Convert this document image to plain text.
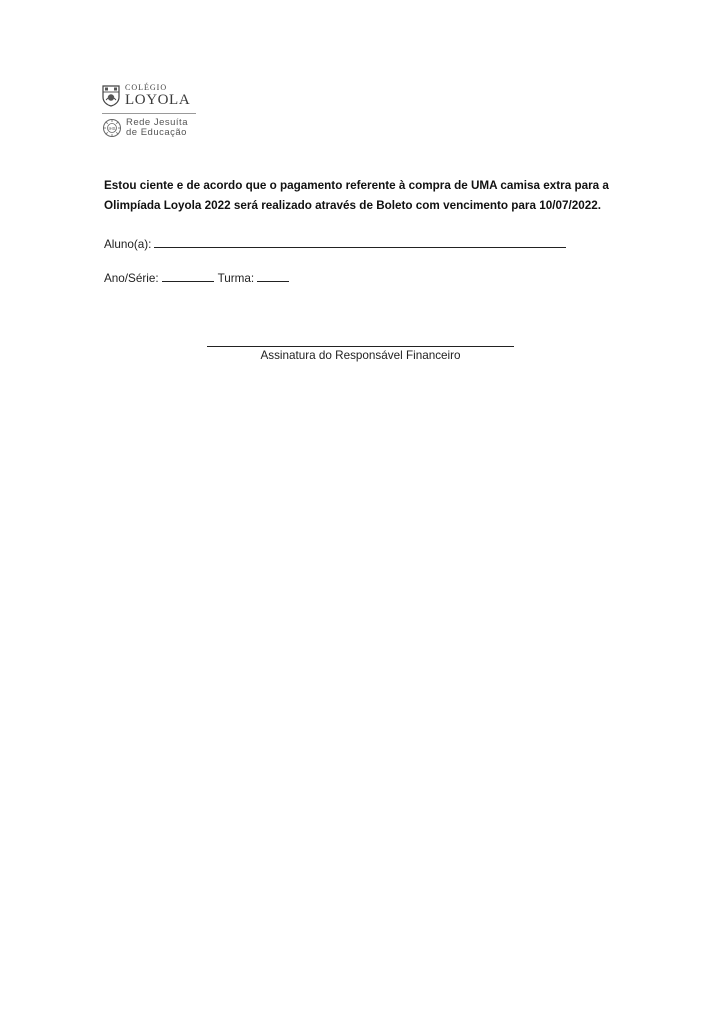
COLÉGIO
LOYOLA
IHS
Rede Jesuíta
de Educação
Estou ciente e de acordo que o pagamento referente à compra de UMA camisa extra para a Olimpíada Loyola 2022 será realizado através de Boleto com vencimento para 10/07/2022.
Aluno(a):
Ano/Série:	Turma:
Assinatura do Responsável Financeiro
